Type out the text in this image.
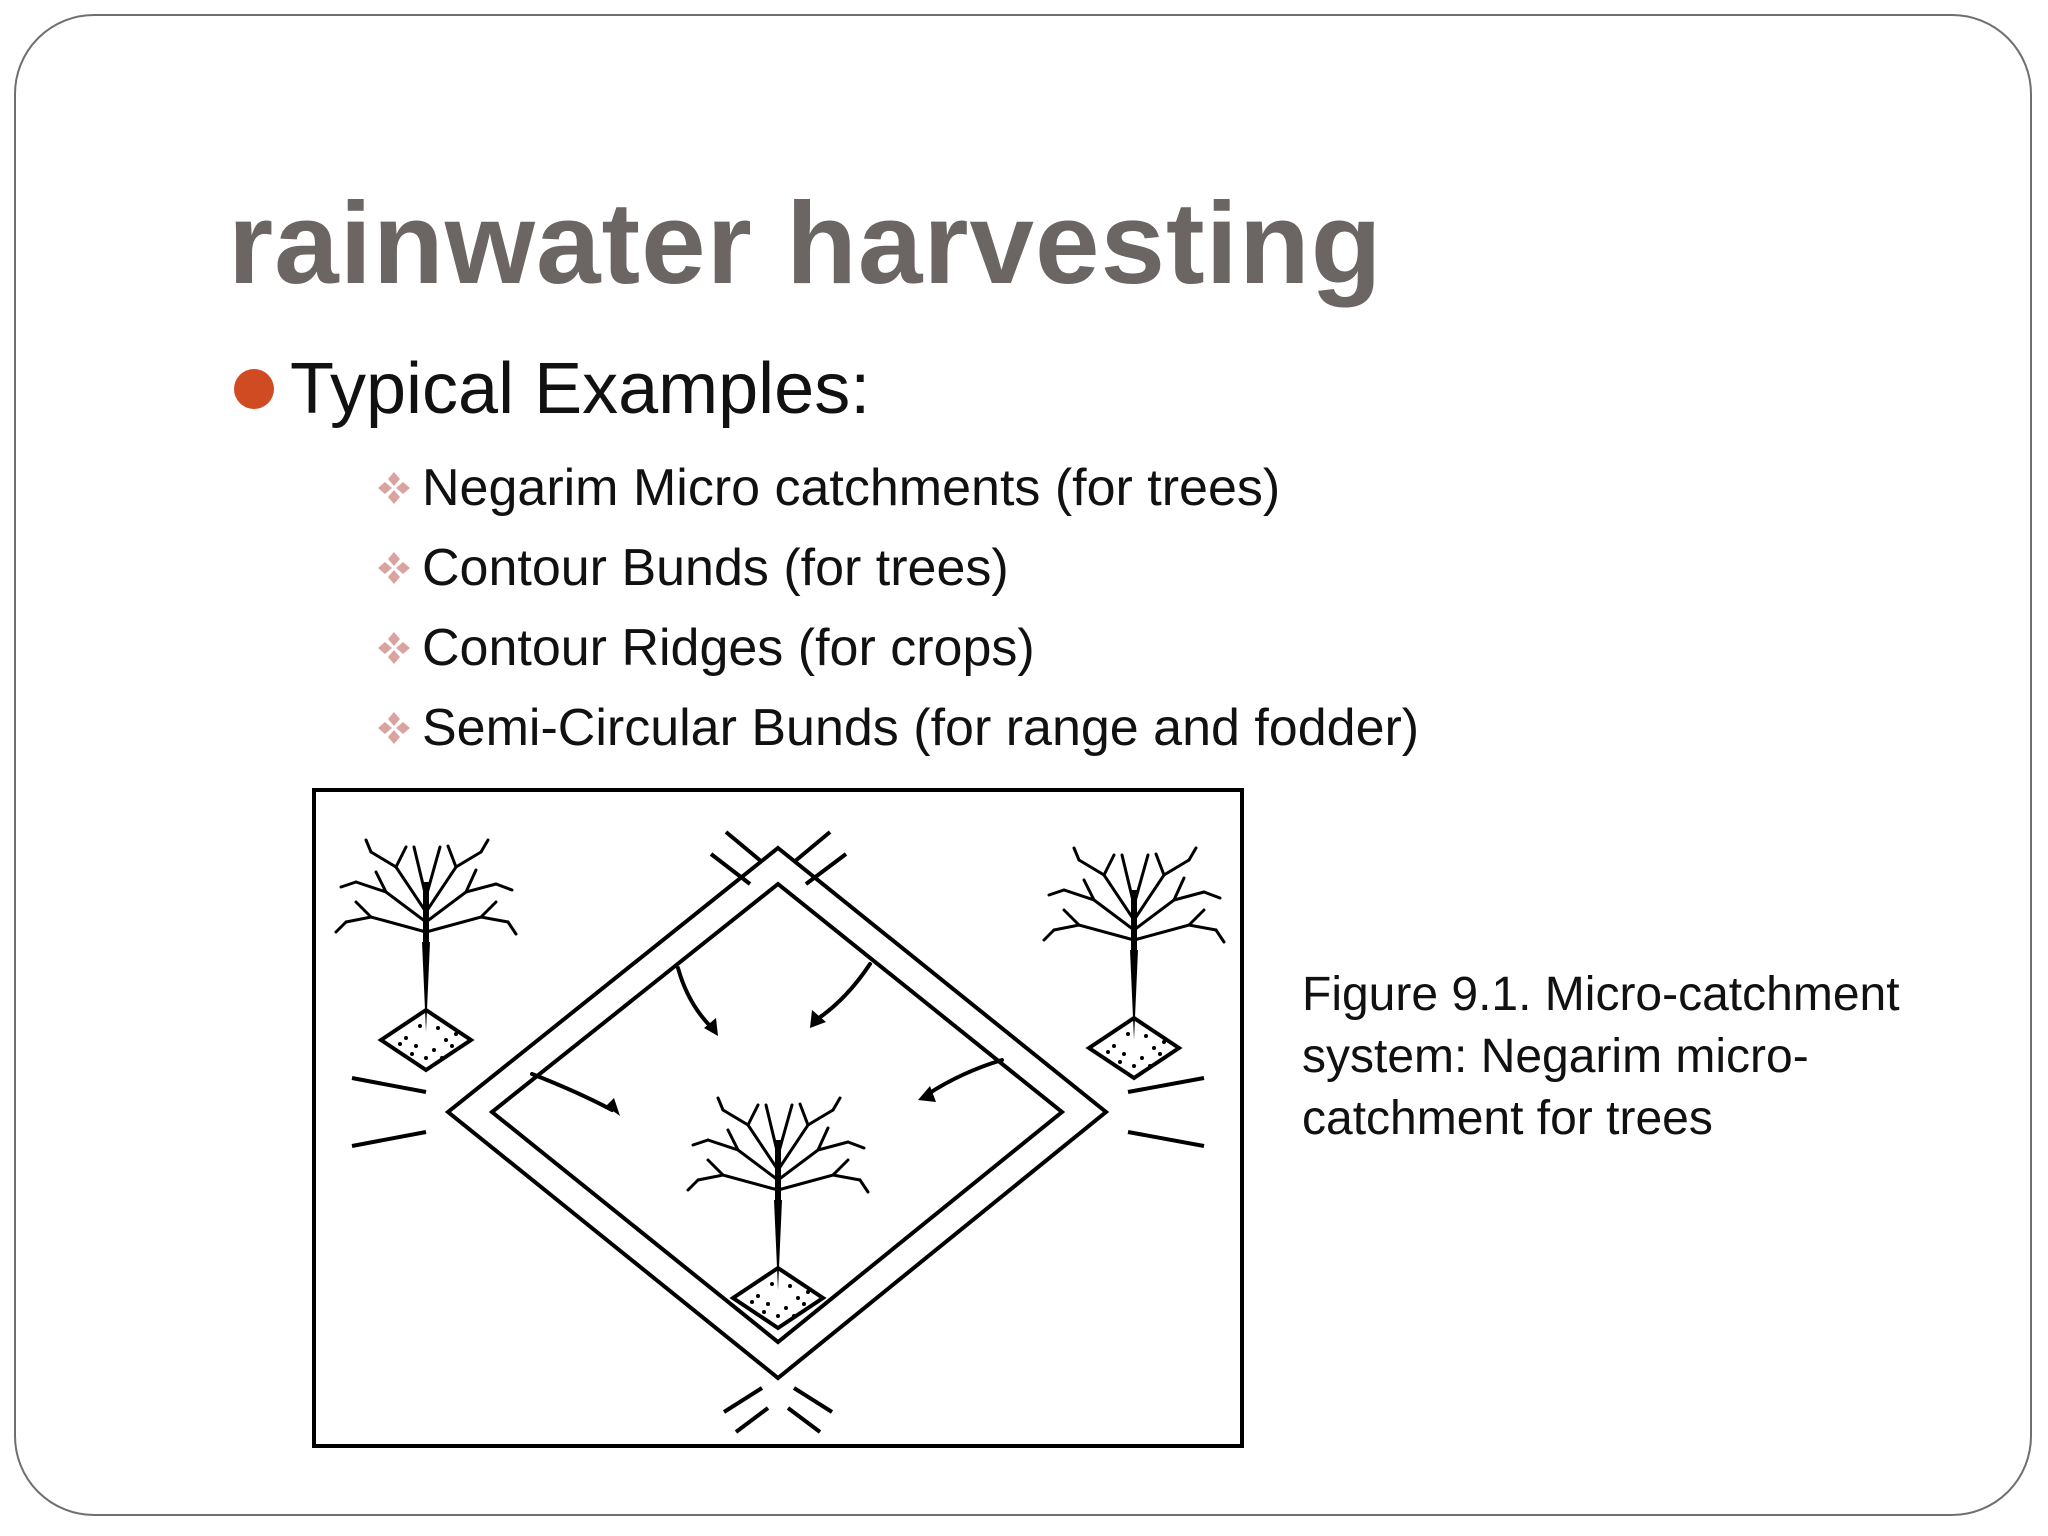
rainwater harvesting
Typical Examples:
Negarim Micro catchments (for trees)
Contour Bunds (for trees)
Contour Ridges (for crops)
Semi-Circular Bunds (for range and fodder)
Figure 9.1. Micro-catchment
system: Negarim micro-
catchment for trees
